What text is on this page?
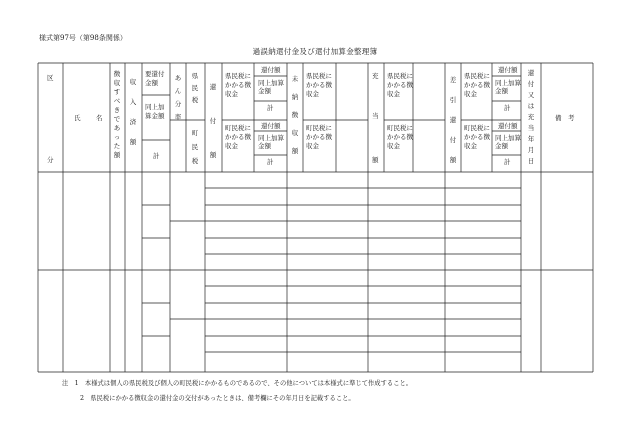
様式第97号（第98条関係）
過誤納還付金及び還付加算金整理簿
区
分
氏 名
徴収すべきであった額
収入済額
要還付金額
同上加算金額
計
あん分率
県民税
町民税
還付額
県民税にかかる徴収金
町民税にかかる徴収金
還付額
同上加算金額
計
還付額
同上加算金額
計
未納徴収額
県民税にかかる徴収金
町民税にかかる徴収金
充
当
額
県民税にかかる徴収金
町民税にかかる徴収金
差引還付額
県民税にかかる徴収金
町民税にかかる徴収金
還付額
同上加算金額
計
還付額
同上加算金額
計
還付又は充当年月日
備　考
注　1　本様式は個人の県民税及び個人の町民税にかかるものであるので、その他については本様式に準じて作成すること。
2　県民税にかかる徴収金の還付金の交付があったときは、備考欄にその年月日を記載すること。
